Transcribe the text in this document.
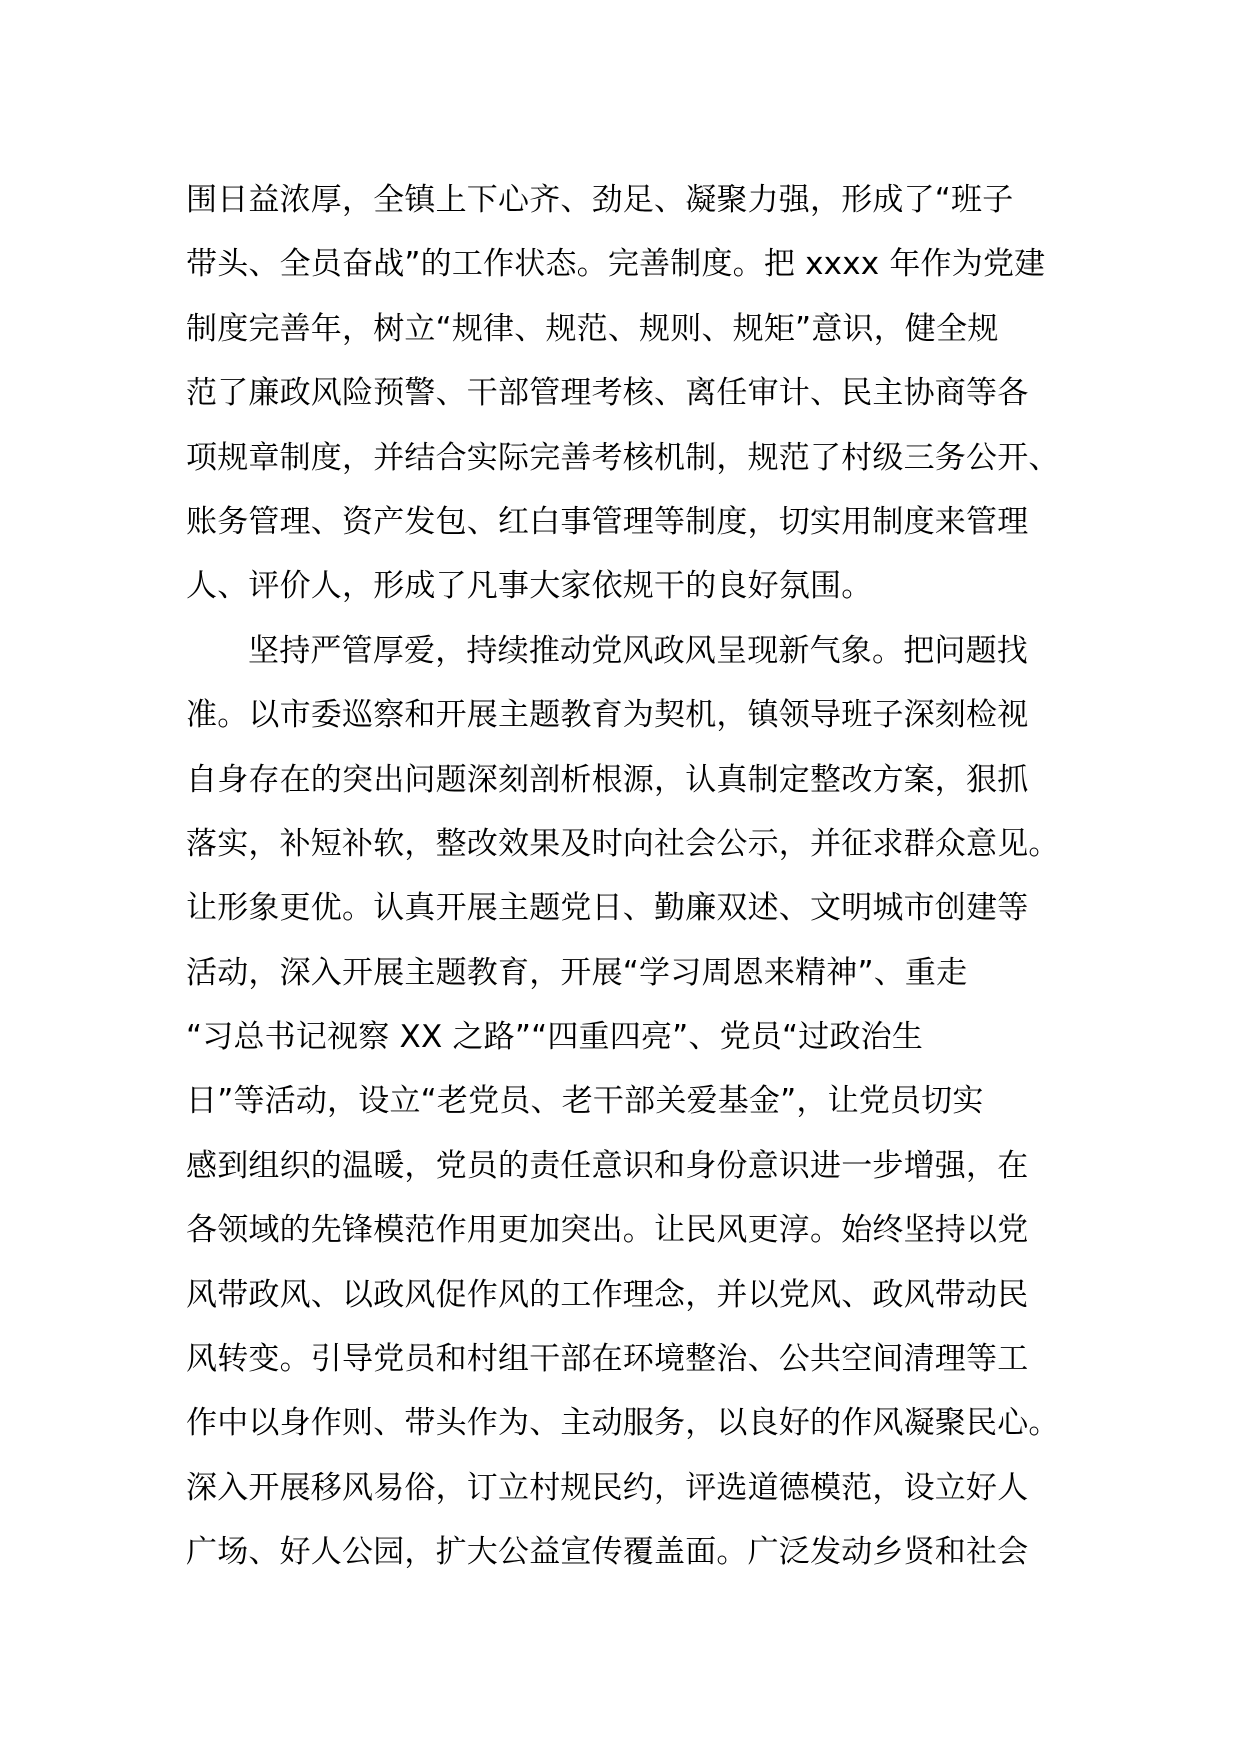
围日益浓厚，全镇上下心齐、劲足、凝聚力强，形成了“班子
带头、全员奋战”的工作状态。完善制度。把 xxxx 年作为党建
制度完善年，树立“规律、规范、规则、规矩”意识，健全规
范了廉政风险预警、干部管理考核、离任审计、民主协商等各
项规章制度，并结合实际完善考核机制，规范了村级三务公开、
账务管理、资产发包、红白事管理等制度，切实用制度来管理
人、评价人，形成了凡事大家依规干的良好氛围。
坚持严管厚爱，持续推动党风政风呈现新气象。把问题找
准。以市委巡察和开展主题教育为契机，镇领导班子深刻检视
自身存在的突出问题深刻剖析根源，认真制定整改方案，狠抓
落实，补短补软，整改效果及时向社会公示，并征求群众意见。
让形象更优。认真开展主题党日、勤廉双述、文明城市创建等
活动，深入开展主题教育，开展“学习周恩来精神”、重走
“习总书记视察 XX 之路”“四重四亮”、党员“过政治生
日”等活动，设立“老党员、老干部关爱基金”，让党员切实
感到组织的温暖，党员的责任意识和身份意识进一步增强，在
各领域的先锋模范作用更加突出。让民风更淳。始终坚持以党
风带政风、以政风促作风的工作理念，并以党风、政风带动民
风转变。引导党员和村组干部在环境整治、公共空间清理等工
作中以身作则、带头作为、主动服务，以良好的作风凝聚民心。
深入开展移风易俗，订立村规民约，评选道德模范，设立好人
广场、好人公园，扩大公益宣传覆盖面。广泛发动乡贤和社会
